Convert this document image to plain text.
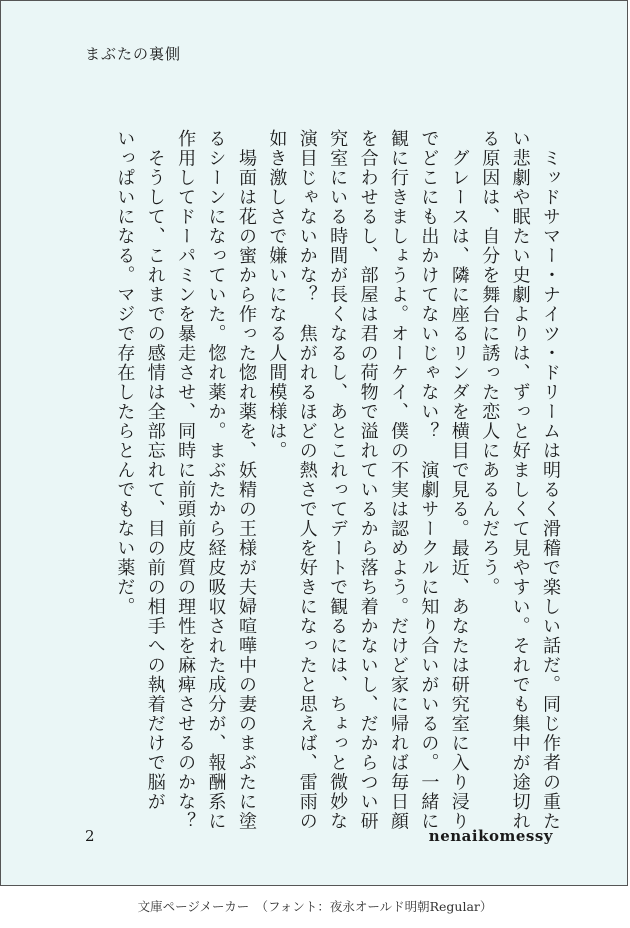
まぶたの裏側
　ミッドサマー・ナイツ・ドリームは明るく滑稽で楽しい話だ。同じ作者の重た
い悲劇や眠たい史劇よりは、ずっと好ましくて見やすい。それでも集中が途切れ
る原因は、自分を舞台に誘った恋人にあるんだろう。
　グレースは、隣に座るリンダを横目で見る。最近、あなたは研究室に入り浸り
でどこにも出かけてないじゃない？　演劇サークルに知り合いがいるの。一緒に
観に行きましょうよ。オーケイ、僕の不実は認めよう。だけど家に帰れば毎日顔
を合わせるし、部屋は君の荷物で溢れているから落ち着かないし、だからつい研
究室にいる時間が長くなるし、あとこれってデートで観るには、ちょっと微妙な
演目じゃないかな？　焦がれるほどの熱さで人を好きになったと思えば、雷雨の
如き激しさで嫌いになる人間模様は。
　場面は花の蜜から作った惚れ薬を、妖精の王様が夫婦喧嘩中の妻のまぶたに塗
るシーンになっていた。惚れ薬か。まぶたから経皮吸収された成分が、報酬系に
作用してドーパミンを暴走させ、同時に前頭前皮質の理性を麻痺させるのかな？
　そうして、これまでの感情は全部忘れて、目の前の相手への執着だけで脳が
いっぱいになる。マジで存在したらとんでもない薬だ。
2	nenaikomessy
文庫ページメーカー　（フォント：夜永オールド明朝Regular）
